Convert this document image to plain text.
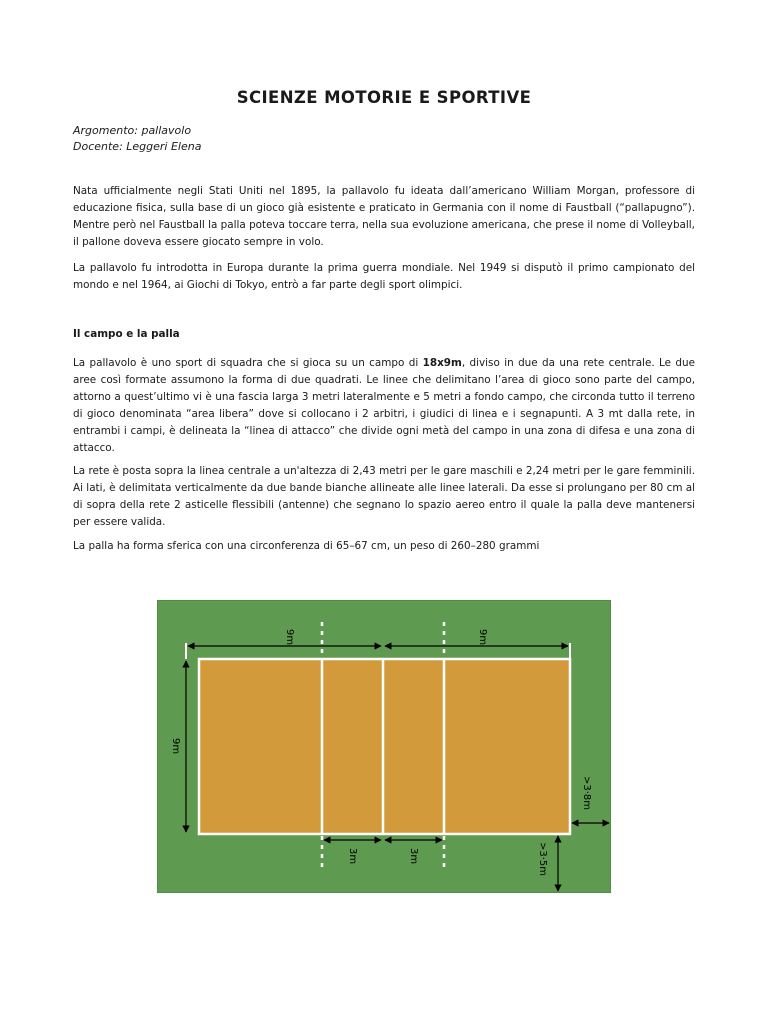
SCIENZE MOTORIE E SPORTIVE
Argomento: pallavolo
Docente: Leggeri Elena

Nata ufficialmente negli Stati Uniti nel 1895, la pallavolo fu ideata dall’americano William Morgan, professore di educazione fisica, sulla base di un gioco già esistente e praticato in Germania con il nome di Faustball (“pallapugno”). Mentre però nel Faustball la palla poteva toccare terra, nella sua evoluzione americana, che prese il nome di Volleyball, il pallone doveva essere giocato sempre in volo.

La pallavolo fu introdotta in Europa durante la prima guerra mondiale. Nel 1949 si disputò il primo campionato del mondo e nel 1964, ai Giochi di Tokyo, entrò a far parte degli sport olimpici.

Il campo e la palla

La pallavolo è uno sport di squadra che si gioca su un campo di 18x9m, diviso in due da una rete centrale. Le due aree così formate assumono la forma di due quadrati. Le linee che delimitano l’area di gioco sono parte del campo, attorno a quest’ultimo vi è una fascia larga 3 metri lateralmente e 5 metri a fondo campo, che circonda tutto il terreno di gioco denominata “area libera” dove si collocano i 2 arbitri, i giudici di linea e i segnapunti. A 3 mt dalla rete, in entrambi i campi, è delineata la “linea di attacco” che divide ogni metà del campo in una zona di difesa e una zona di attacco.

La rete è posta sopra la linea centrale a un'altezza di 2,43 metri per le gare maschili e 2,24 metri per le gare femminili. Ai lati, è delimitata verticalmente da due bande bianche allineate alle linee laterali. Da esse si prolungano per 80 cm al di sopra della rete 2 asticelle flessibili (antenne) che segnano lo spazio aereo entro il quale la palla deve mantenersi per essere valida.

La palla ha forma sferica con una circonferenza di 65–67 cm, un peso di 260–280 grammi

9m	9m
9m
3m	3m
>3·8m
>3·5m
